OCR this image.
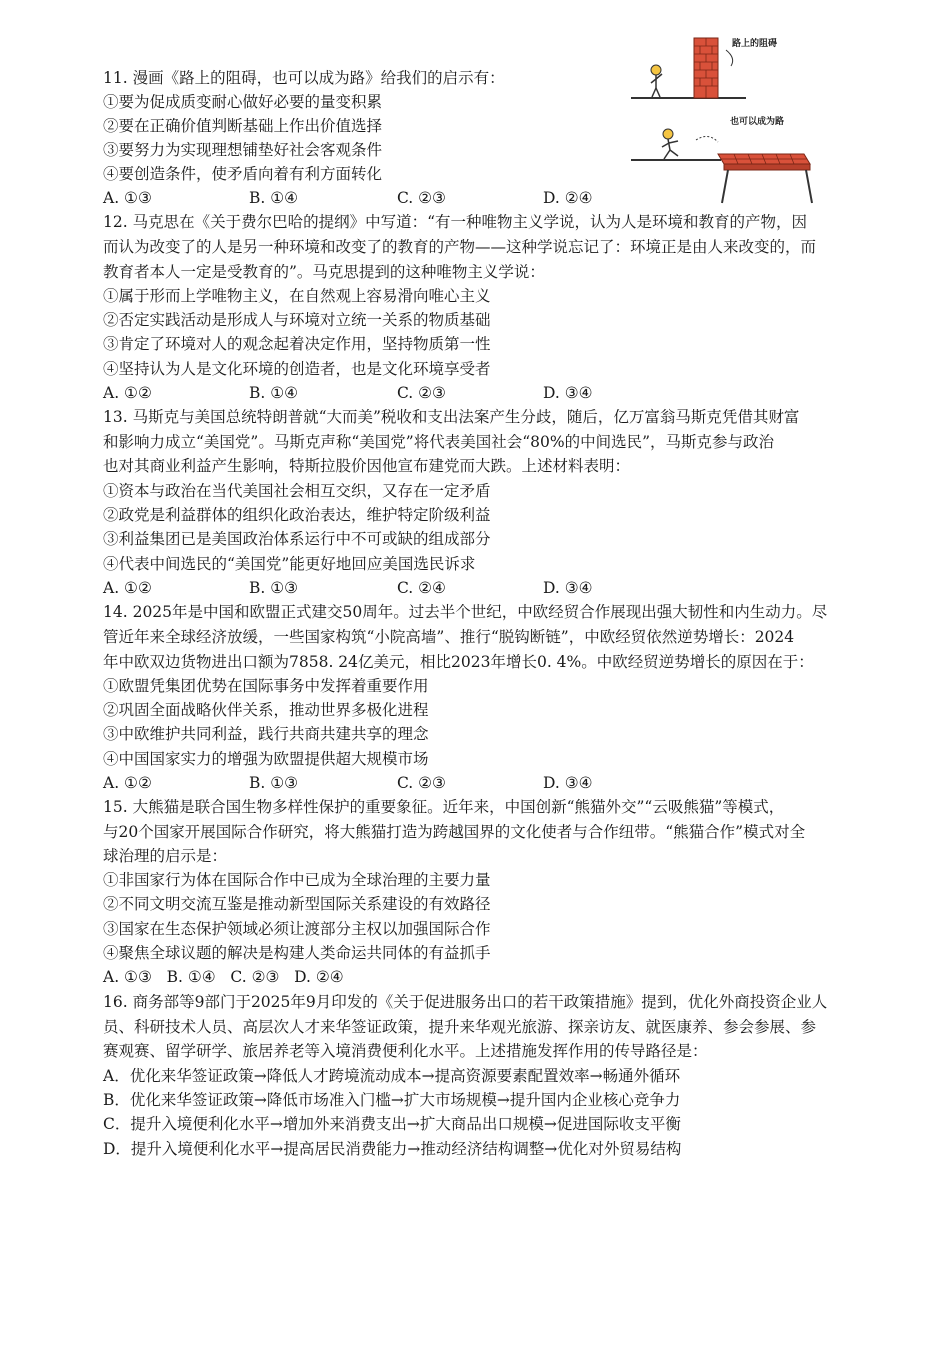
路上的阻碍
也可以成为路
11. 漫画《路上的阻碍，也可以成为路》给我们的启示有：
①要为促成质变耐心做好必要的量变积累
②要在正确价值判断基础上作出价值选择
③要努力为实现理想铺垫好社会客观条件
④要创造条件，使矛盾向着有利方面转化
A. ①③	B. ①④	C. ②③	D. ②④
12. 马克思在《关于费尔巴哈的提纲》中写道：“有一种唯物主义学说，认为人是环境和教育的产物，因
而认为改变了的人是另一种环境和改变了的教育的产物——这种学说忘记了：环境正是由人来改变的，而
教育者本人一定是受教育的”。马克思提到的这种唯物主义学说：
①属于形而上学唯物主义，在自然观上容易滑向唯心主义
②否定实践活动是形成人与环境对立统一关系的物质基础
③肯定了环境对人的观念起着决定作用，坚持物质第一性
④坚持认为人是文化环境的创造者，也是文化环境享受者
A. ①②	B. ①④	C. ②③	D. ③④
13. 马斯克与美国总统特朗普就“大而美”税收和支出法案产生分歧，随后，亿万富翁马斯克凭借其财富
和影响力成立“美国党”。马斯克声称“美国党”将代表美国社会“80%的中间选民”，马斯克参与政治
也对其商业利益产生影响，特斯拉股价因他宣布建党而大跌。上述材料表明：
①资本与政治在当代美国社会相互交织，又存在一定矛盾
②政党是利益群体的组织化政治表达，维护特定阶级利益
③利益集团已是美国政治体系运行中不可或缺的组成部分
④代表中间选民的“美国党”能更好地回应美国选民诉求
A. ①②	B. ①③	C. ②④	D. ③④
14. 2025年是中国和欧盟正式建交50周年。过去半个世纪，中欧经贸合作展现出强大韧性和内生动力。尽
管近年来全球经济放缓，一些国家构筑“小院高墙”、推行“脱钩断链”，中欧经贸依然逆势增长：2024
年中欧双边货物进出口额为7858. 24亿美元，相比2023年增长0. 4%。中欧经贸逆势增长的原因在于：
①欧盟凭集团优势在国际事务中发挥着重要作用
②巩固全面战略伙伴关系，推动世界多极化进程
③中欧维护共同利益，践行共商共建共享的理念
④中国国家实力的增强为欧盟提供超大规模市场
A. ①②	B. ①③	C. ②③	D. ③④
15. 大熊猫是联合国生物多样性保护的重要象征。近年来，中国创新“熊猫外交”“云吸熊猫”等模式，
与20个国家开展国际合作研究，将大熊猫打造为跨越国界的文化使者与合作纽带。“熊猫合作”模式对全
球治理的启示是：
①非国家行为体在国际合作中已成为全球治理的主要力量
②不同文明交流互鉴是推动新型国际关系建设的有效路径
③国家在生态保护领域必须让渡部分主权以加强国际合作
④聚焦全球议题的解决是构建人类命运共同体的有益抓手
A. ①③   B. ①④   C. ②③   D. ②④
16. 商务部等9部门于2025年9月印发的《关于促进服务出口的若干政策措施》提到，优化外商投资企业人
员、科研技术人员、高层次人才来华签证政策，提升来华观光旅游、探亲访友、就医康养、参会参展、参
赛观赛、留学研学、旅居养老等入境消费便利化水平。上述措施发挥作用的传导路径是：
A．优化来华签证政策→降低人才跨境流动成本→提高资源要素配置效率→畅通外循环
B．优化来华签证政策→降低市场准入门槛→扩大市场规模→提升国内企业核心竞争力
C．提升入境便利化水平→增加外来消费支出→扩大商品出口规模→促进国际收支平衡
D．提升入境便利化水平→提高居民消费能力→推动经济结构调整→优化对外贸易结构
